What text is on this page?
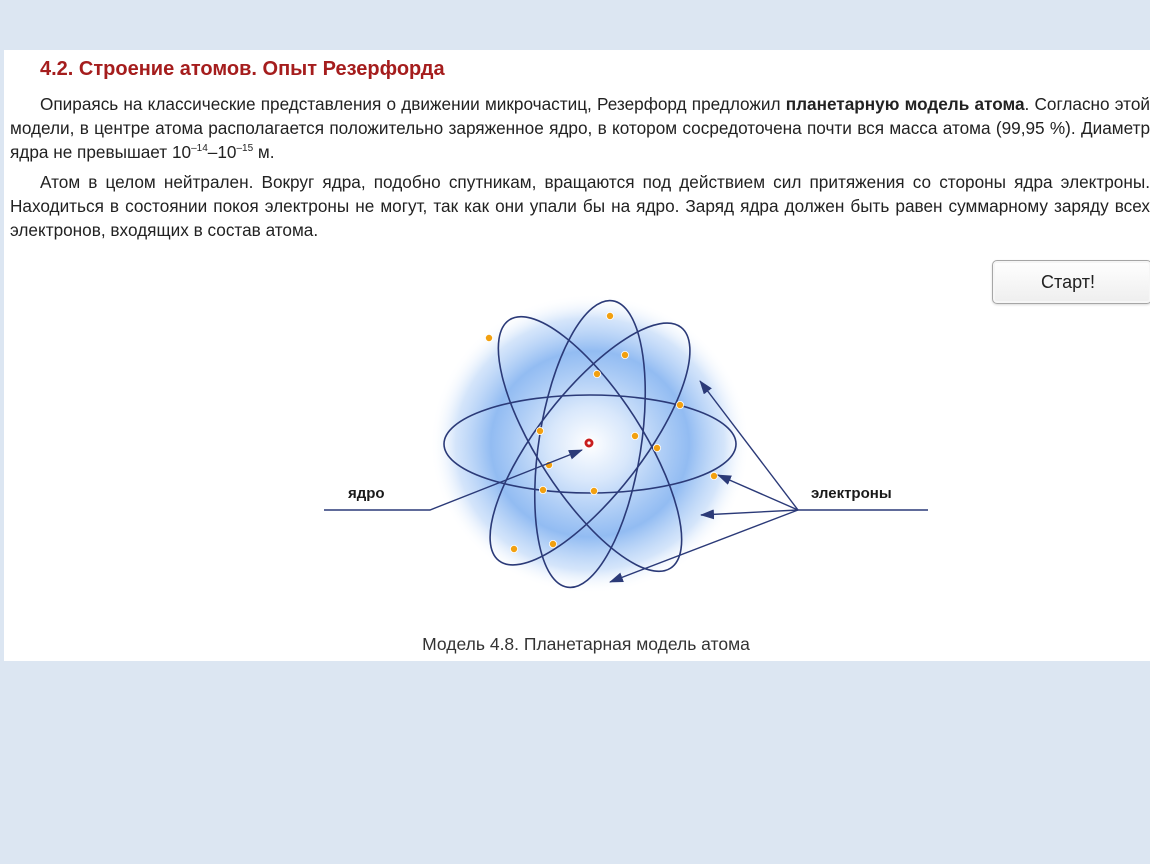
4.2. Строение атомов. Опыт Резерфорда

Опираясь на классические представления о движении микрочастиц, Резерфорд предложил планетарную модель атома. Согласно этой модели, в центре атома располагается положительно заряженное ядро, в котором сосредоточена почти вся масса атома (99,95 %). Диаметр ядра не превышает $10^{-14}-10^{-15}$ м.

Атом в целом нейтрален. Вокруг ядра, подобно спутникам, вращаются под действием сил притяжения со стороны ядра электроны. Находиться в состоянии покоя электроны не могут, так как они упали бы на ядро. Заряд ядра должен быть равен суммарному заряду всех электронов, входящих в состав атома.

Старт!
ядро	электроны

Модель 4.8. Планетарная модель атома
